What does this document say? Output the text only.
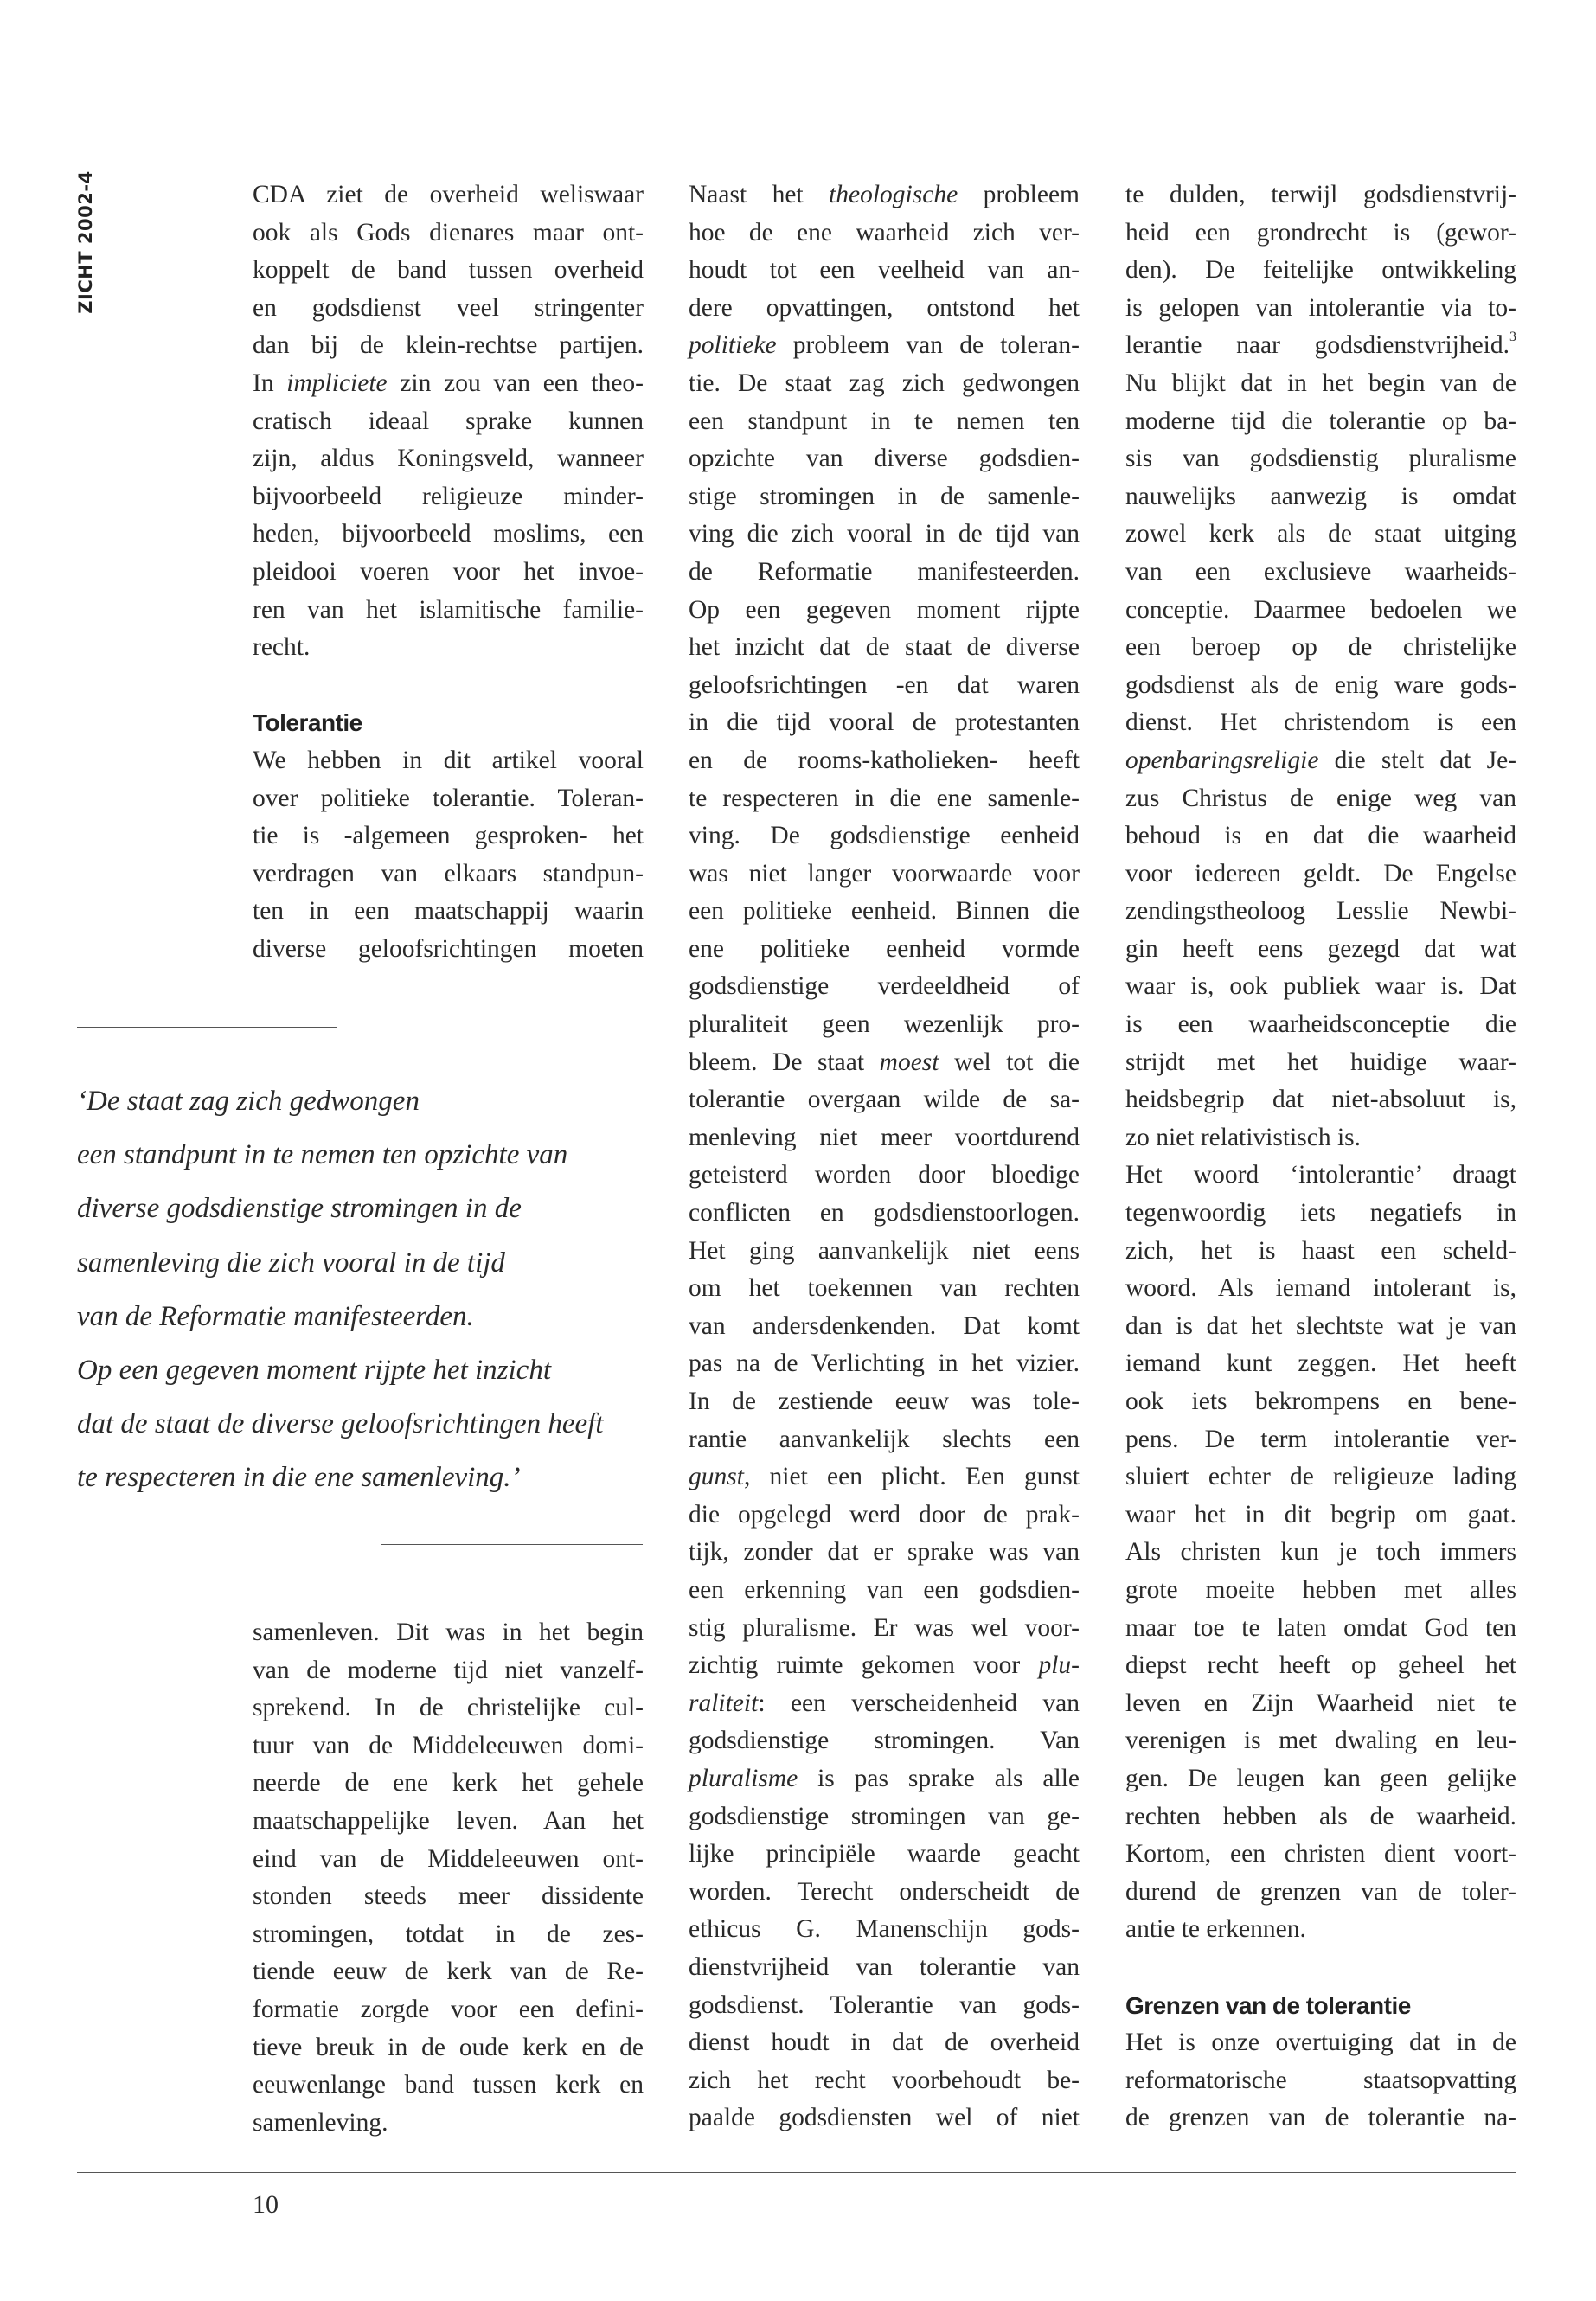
ZICHT 2002-4	CDA ziet de overheid weliswaar
ook als Gods dienares maar ont-
koppelt de band tussen overheid
en godsdienst veel stringenter
dan bij de klein-rechtse partijen.
In impliciete zin zou van een theo-
cratisch ideaal sprake kunnen
zijn, aldus Koningsveld, wanneer
bijvoorbeeld religieuze minder-
heden, bijvoorbeeld moslims, een
pleidooi voeren voor het invoe-
ren van het islamitische familie-
recht.
Tolerantie
We hebben in dit artikel vooral
over politieke tolerantie. Toleran-
tie is -algemeen gesproken- het
verdragen van elkaars standpun-
ten in een maatschappij waarin
diverse geloofsrichtingen moeten
‘De staat zag zich gedwongen
een standpunt in te nemen ten opzichte van
diverse godsdienstige stromingen in de
samenleving die zich vooral in de tijd
van de Reformatie manifesteerden.
Op een gegeven moment rijpte het inzicht
dat de staat de diverse geloofsrichtingen heeft
te respecteren in die ene samenleving.’
samenleven. Dit was in het begin
van de moderne tijd niet vanzelf-
sprekend. In de christelijke cul-
tuur van de Middeleeuwen domi-
neerde de ene kerk het gehele
maatschappelijke leven. Aan het
eind van de Middeleeuwen ont-
stonden steeds meer dissidente
stromingen, totdat in de zes-
tiende eeuw de kerk van de Re-
formatie zorgde voor een defini-
tieve breuk in de oude kerk en de
eeuwenlange band tussen kerk en
samenleving.
Naast het theologische probleem
hoe de ene waarheid zich ver-
houdt tot een veelheid van an-
dere opvattingen, ontstond het
politieke probleem van de toleran-
tie. De staat zag zich gedwongen
een standpunt in te nemen ten
opzichte van diverse godsdien-
stige stromingen in de samenle-
ving die zich vooral in de tijd van
de Reformatie manifesteerden.
Op een gegeven moment rijpte
het inzicht dat de staat de diverse
geloofsrichtingen -en dat waren
in die tijd vooral de protestanten
en de rooms-katholieken- heeft
te respecteren in die ene samenle-
ving. De godsdienstige eenheid
was niet langer voorwaarde voor
een politieke eenheid. Binnen die
ene politieke eenheid vormde
godsdienstige verdeeldheid of
pluraliteit geen wezenlijk pro-
bleem. De staat moest wel tot die
tolerantie overgaan wilde de sa-
menleving niet meer voortdurend
geteisterd worden door bloedige
conflicten en godsdienstoorlogen.
Het ging aanvankelijk niet eens
om het toekennen van rechten
van andersdenkenden. Dat komt
pas na de Verlichting in het vizier.
In de zestiende eeuw was tole-
rantie aanvankelijk slechts een
gunst, niet een plicht. Een gunst
die opgelegd werd door de prak-
tijk, zonder dat er sprake was van
een erkenning van een godsdien-
stig pluralisme. Er was wel voor-
zichtig ruimte gekomen voor plu-
raliteit: een verscheidenheid van
godsdienstige stromingen. Van
pluralisme is pas sprake als alle
godsdienstige stromingen van ge-
lijke principiële waarde geacht
worden. Terecht onderscheidt de
ethicus G. Manenschijn gods-
dienstvrijheid van tolerantie van
godsdienst. Tolerantie van gods-
dienst houdt in dat de overheid
zich het recht voorbehoudt be-
paalde godsdiensten wel of niet
te dulden, terwijl godsdienstvrij-
heid een grondrecht is (gewor-
den). De feitelijke ontwikkeling
is gelopen van intolerantie via to-
lerantie naar godsdienstvrijheid.$^3$
Nu blijkt dat in het begin van de
moderne tijd die tolerantie op ba-
sis van godsdienstig pluralisme
nauwelijks aanwezig is omdat
zowel kerk als de staat uitging
van een exclusieve waarheids-
conceptie. Daarmee bedoelen we
een beroep op de christelijke
godsdienst als de enig ware gods-
dienst. Het christendom is een
openbaringsreligie die stelt dat Je-
zus Christus de enige weg van
behoud is en dat die waarheid
voor iedereen geldt. De Engelse
zendingstheoloog Lesslie Newbi-
gin heeft eens gezegd dat wat
waar is, ook publiek waar is. Dat
is een waarheidsconceptie die
strijdt met het huidige waar-
heidsbegrip dat niet-absoluut is,
zo niet relativistisch is.
Het woord ‘intolerantie’ draagt
tegenwoordig iets negatiefs in
zich, het is haast een scheld-
woord. Als iemand intolerant is,
dan is dat het slechtste wat je van
iemand kunt zeggen. Het heeft
ook iets bekrompens en bene-
pens. De term intolerantie ver-
sluiert echter de religieuze lading
waar het in dit begrip om gaat.
Als christen kun je toch immers
grote moeite hebben met alles
maar toe te laten omdat God ten
diepst recht heeft op geheel het
leven en Zijn Waarheid niet te
verenigen is met dwaling en leu-
gen. De leugen kan geen gelijke
rechten hebben als de waarheid.
Kortom, een christen dient voort-
durend de grenzen van de toler-
antie te erkennen.
Grenzen van de tolerantie
Het is onze overtuiging dat in de
reformatorische staatsopvatting
de grenzen van de tolerantie na-
10
